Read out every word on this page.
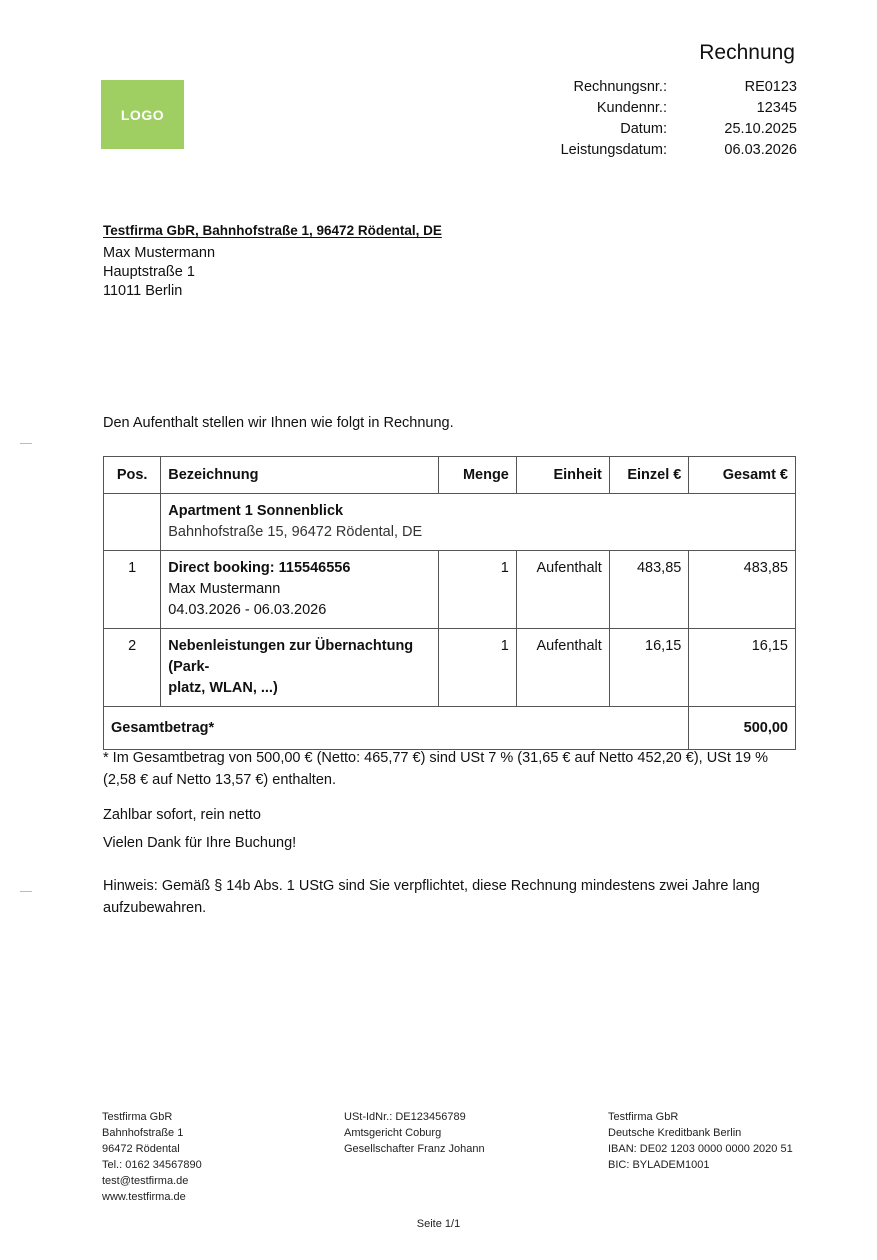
LOGO
Rechnung
Rechnungsnr.:	RE0123
Kundennr.:	12345
Datum:	25.10.2025
Leistungsdatum:	06.03.2026
Testfirma GbR, Bahnhofstraße 1, 96472 Rödental, DE
Max Mustermann
Hauptstraße 1
11011 Berlin
Den Aufenthalt stellen wir Ihnen wie folgt in Rechnung.
Pos.	Bezeichnung	Menge	Einheit	Einzel €	Gesamt €

	Apartment 1 Sonnenblick
Bahnhofstraße 15, 96472 Rödental, DE				

1	Direct booking: 115546556
Max Mustermann
04.03.2026 - 06.03.2026	1	Aufenthalt	483,85	483,85
2	Nebenleistungen zur Übernachtung (Park-
platz, WLAN, ...)	1	Aufenthalt	16,15	16,15
Gesamtbetrag*					500,00
* Im Gesamtbetrag von 500,00 € (Netto: 465,77 €) sind USt 7 % (31,65 € auf Netto 452,20 €), USt 19 %
(2,58 € auf Netto 13,57 €) enthalten.
Zahlbar sofort, rein netto
Vielen Dank für Ihre Buchung!
Hinweis: Gemäß § 14b Abs. 1 UStG sind Sie verpflichtet, diese Rechnung mindestens zwei Jahre lang
aufzubewahren.
Testfirma GbR
Bahnhofstraße 1
96472 Rödental
Tel.: 0162 34567890
test@testfirma.de
www.testfirma.de
USt-IdNr.: DE123456789
Amtsgericht Coburg
Gesellschafter Franz Johann
Testfirma GbR
Deutsche Kreditbank Berlin
IBAN: DE02 1203 0000 0000 2020 51
BIC: BYLADEM1001
Seite 1/1
